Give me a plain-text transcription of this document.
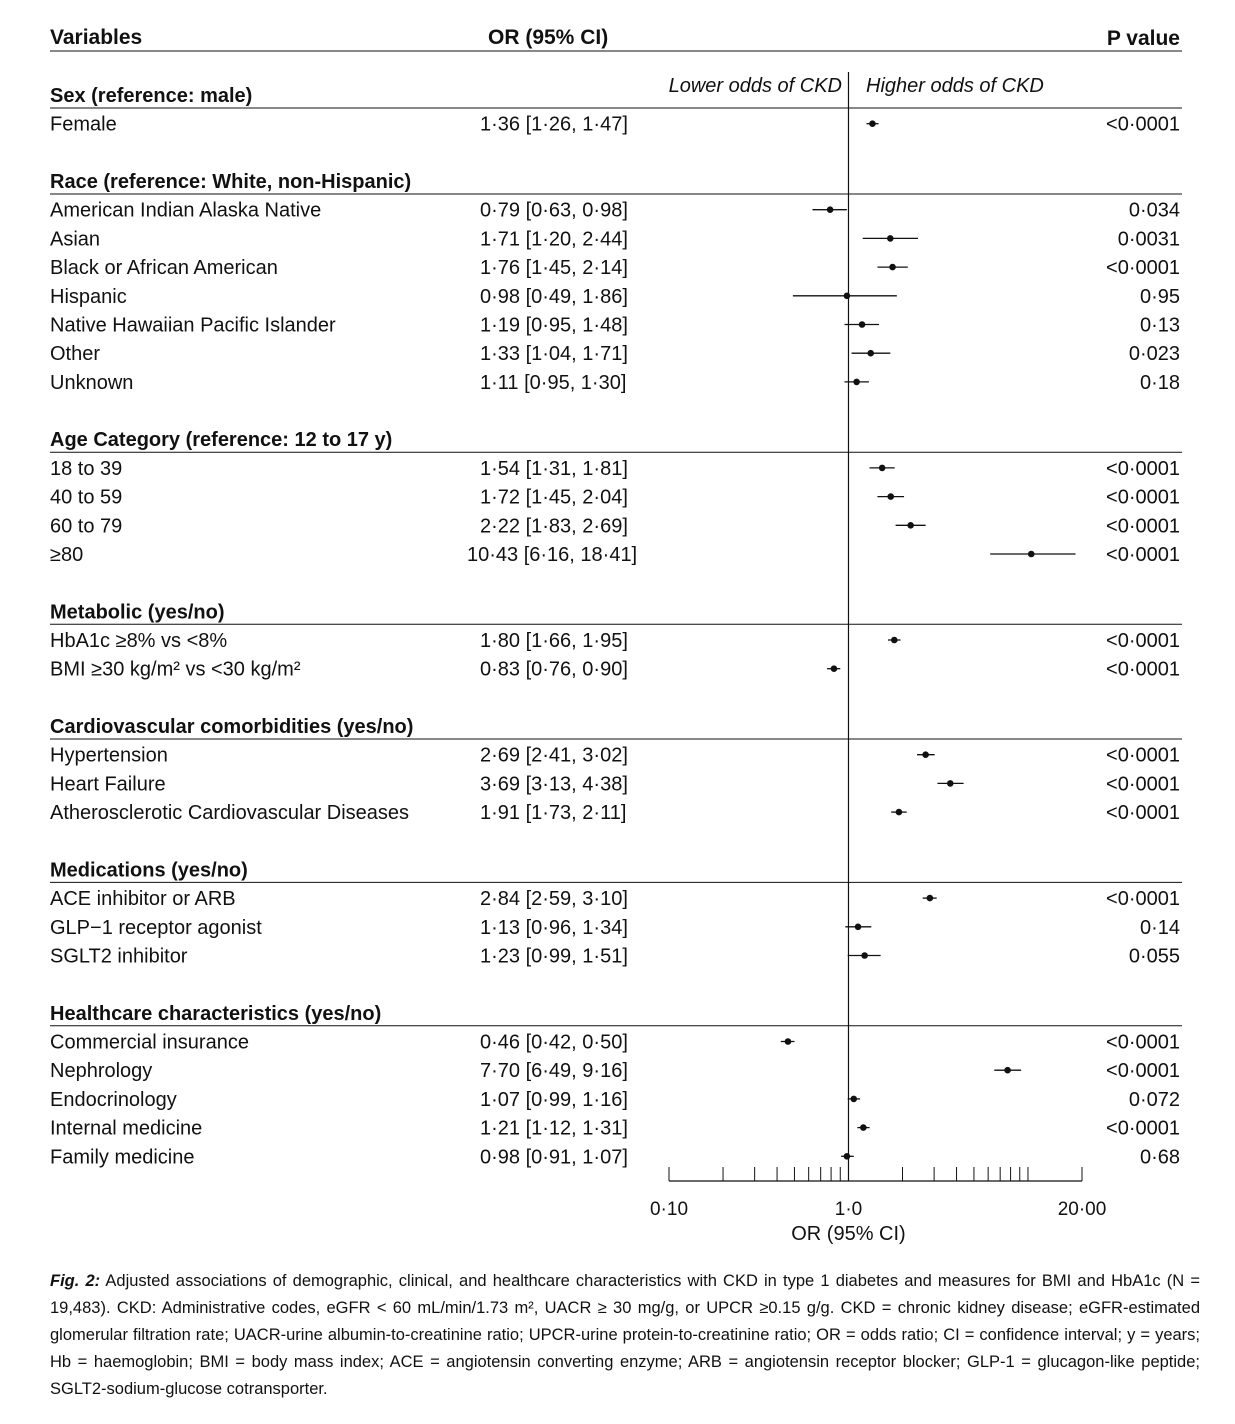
Variables	OR (95% CI)	P value
Lower odds of CKD Higher odds of CKD
Sex (reference: male)
Female	1·36 [1·26, 1·47]	<0·0001
Race (reference: White, non-Hispanic)
American Indian Alaska Native	0·79 [0·63, 0·98]	0·034
Asian	1·71 [1·20, 2·44]	0·0031
Black or African American	1·76 [1·45, 2·14]	<0·0001
Hispanic	0·98 [0·49, 1·86]	0·95
Native Hawaiian Pacific Islander	1·19 [0·95, 1·48]	0·13
Other	1·33 [1·04, 1·71]	0·023
Unknown	1·11 [0·95, 1·30]	0·18
Age Category (reference: 12 to 17 y)
18 to 39	1·54 [1·31, 1·81]	<0·0001
40 to 59	1·72 [1·45, 2·04]	<0·0001
60 to 79	2·22 [1·83, 2·69]	<0·0001
≥80	10·43 [6·16, 18·41]	<0·0001
Metabolic (yes/no)
HbA1c ≥8% vs <8%	1·80 [1·66, 1·95]	<0·0001
BMI ≥30 kg/m² vs <30 kg/m²	0·83 [0·76, 0·90]	<0·0001
Cardiovascular comorbidities (yes/no)
Hypertension	2·69 [2·41, 3·02]	<0·0001
Heart Failure	3·69 [3·13, 4·38]	<0·0001
Atherosclerotic Cardiovascular Diseases	1·91 [1·73, 2·11]	<0·0001
Medications (yes/no)
ACE inhibitor or ARB	2·84 [2·59, 3·10]	<0·0001
GLP−1 receptor agonist	1·13 [0·96, 1·34]	0·14
SGLT2 inhibitor	1·23 [0·99, 1·51]	0·055
Healthcare characteristics (yes/no)
Commercial insurance	0·46 [0·42, 0·50]	<0·0001
Nephrology	7·70 [6·49, 9·16]	<0·0001
Endocrinology	1·07 [0·99, 1·16]	0·072
Internal medicine	1·21 [1·12, 1·31]	<0·0001
Family medicine	0·98 [0·91, 1·07]	0·68
0·10	1·0	20·00
OR (95% CI)
Fig. 2: Adjusted associations of demographic, clinical, and healthcare characteristics with CKD in type 1 diabetes and measures for BMI and HbA1c (N = 19,483). CKD: Administrative codes, eGFR < 60 mL/min/1.73 m², UACR ≥ 30 mg/g, or UPCR ≥0.15 g/g. CKD = chronic kidney disease; eGFR-estimated glomerular filtration rate; UACR-urine albumin-to-creatinine ratio; UPCR-urine protein-to-creatinine ratio; OR = odds ratio; CI = confidence interval; y = years; Hb = haemoglobin; BMI = body mass index; ACE = angiotensin converting enzyme; ARB = angiotensin receptor blocker; GLP-1 = glucagon-like peptide; SGLT2-sodium-glucose cotransporter.
